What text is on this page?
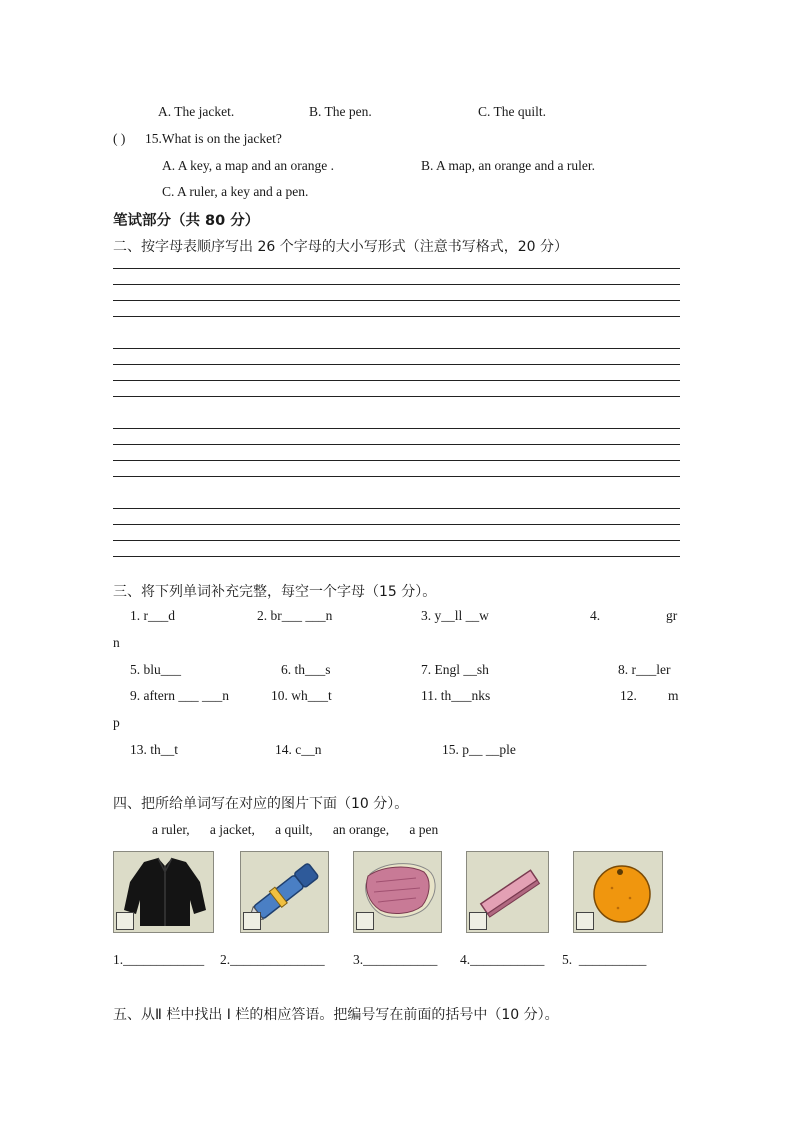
A. The jacket.	B. The pen.	C. The quilt.
( ) 15.What is on the jacket?
A. A key, a map and an orange .	B. A map, an orange and a ruler.
C. A ruler, a key and a pen.
笔试部分（共 80 分）
二、按字母表顺序写出 26 个字母的大小写形式（注意书写格式，20 分）
三、将下列单词补充完整，每空一个字母（15 分）。
1. r___d	2. br___ ___n	3. y__ll __w	4.	gr
n
5. blu___	6. th___s	7. Engl __sh	8. r___ler
9. aftern ___ ___n	10. wh___t	11. th___nks	12. m
p
13. th__t	14. c__n	15. p__ __ple
四、把所给单词写在对应的图片下面（10 分）。
a ruler,      a jacket,      a quilt,      an orange,      a pen
1.____________ 2.______________ 3.___________ 4.___________ 5.  __________
五、从Ⅱ 栏中找出 Ⅰ 栏的相应答语。把编号写在前面的括号中（10 分）。
